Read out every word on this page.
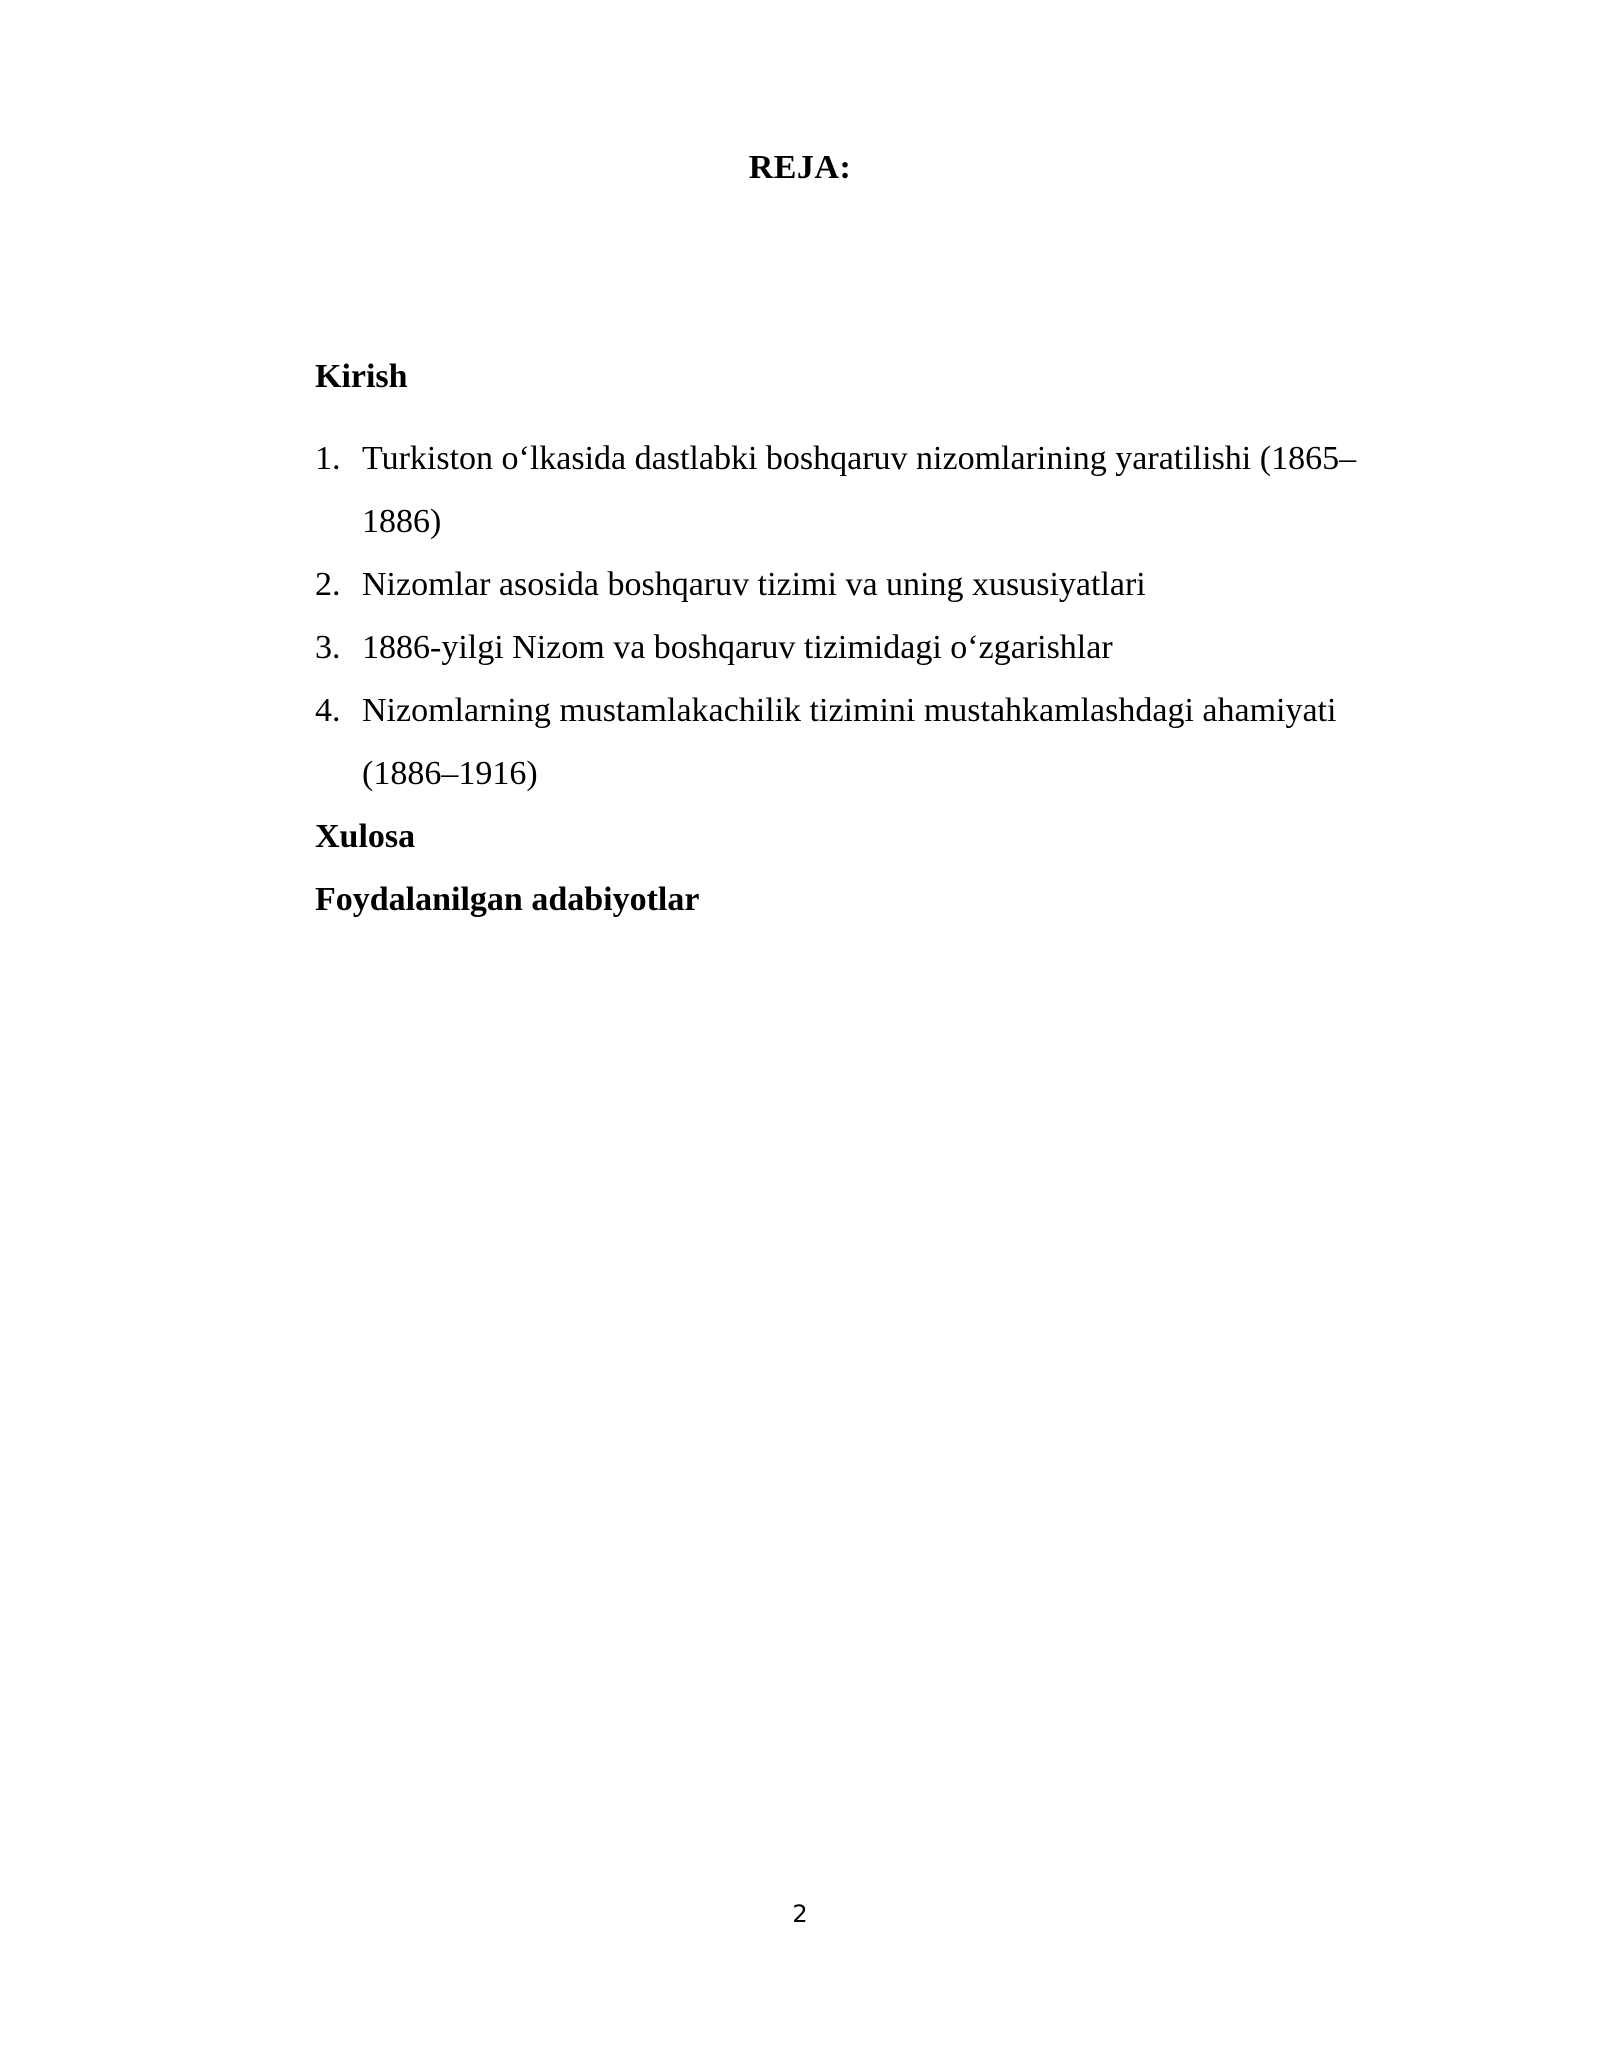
REJA:

Kirish

1. Turkiston o‘lkasida dastlabki boshqaruv nizomlarining yaratilishi (1865–1886)
2. Nizomlar asosida boshqaruv tizimi va uning xususiyatlari
3. 1886-yilgi Nizom va boshqaruv tizimidagi o‘zgarishlar
4. Nizomlarning mustamlakachilik tizimini mustahkamlashdagi ahamiyati (1886–1916)

Xulosa

Foydalanilgan adabiyotlar

2
